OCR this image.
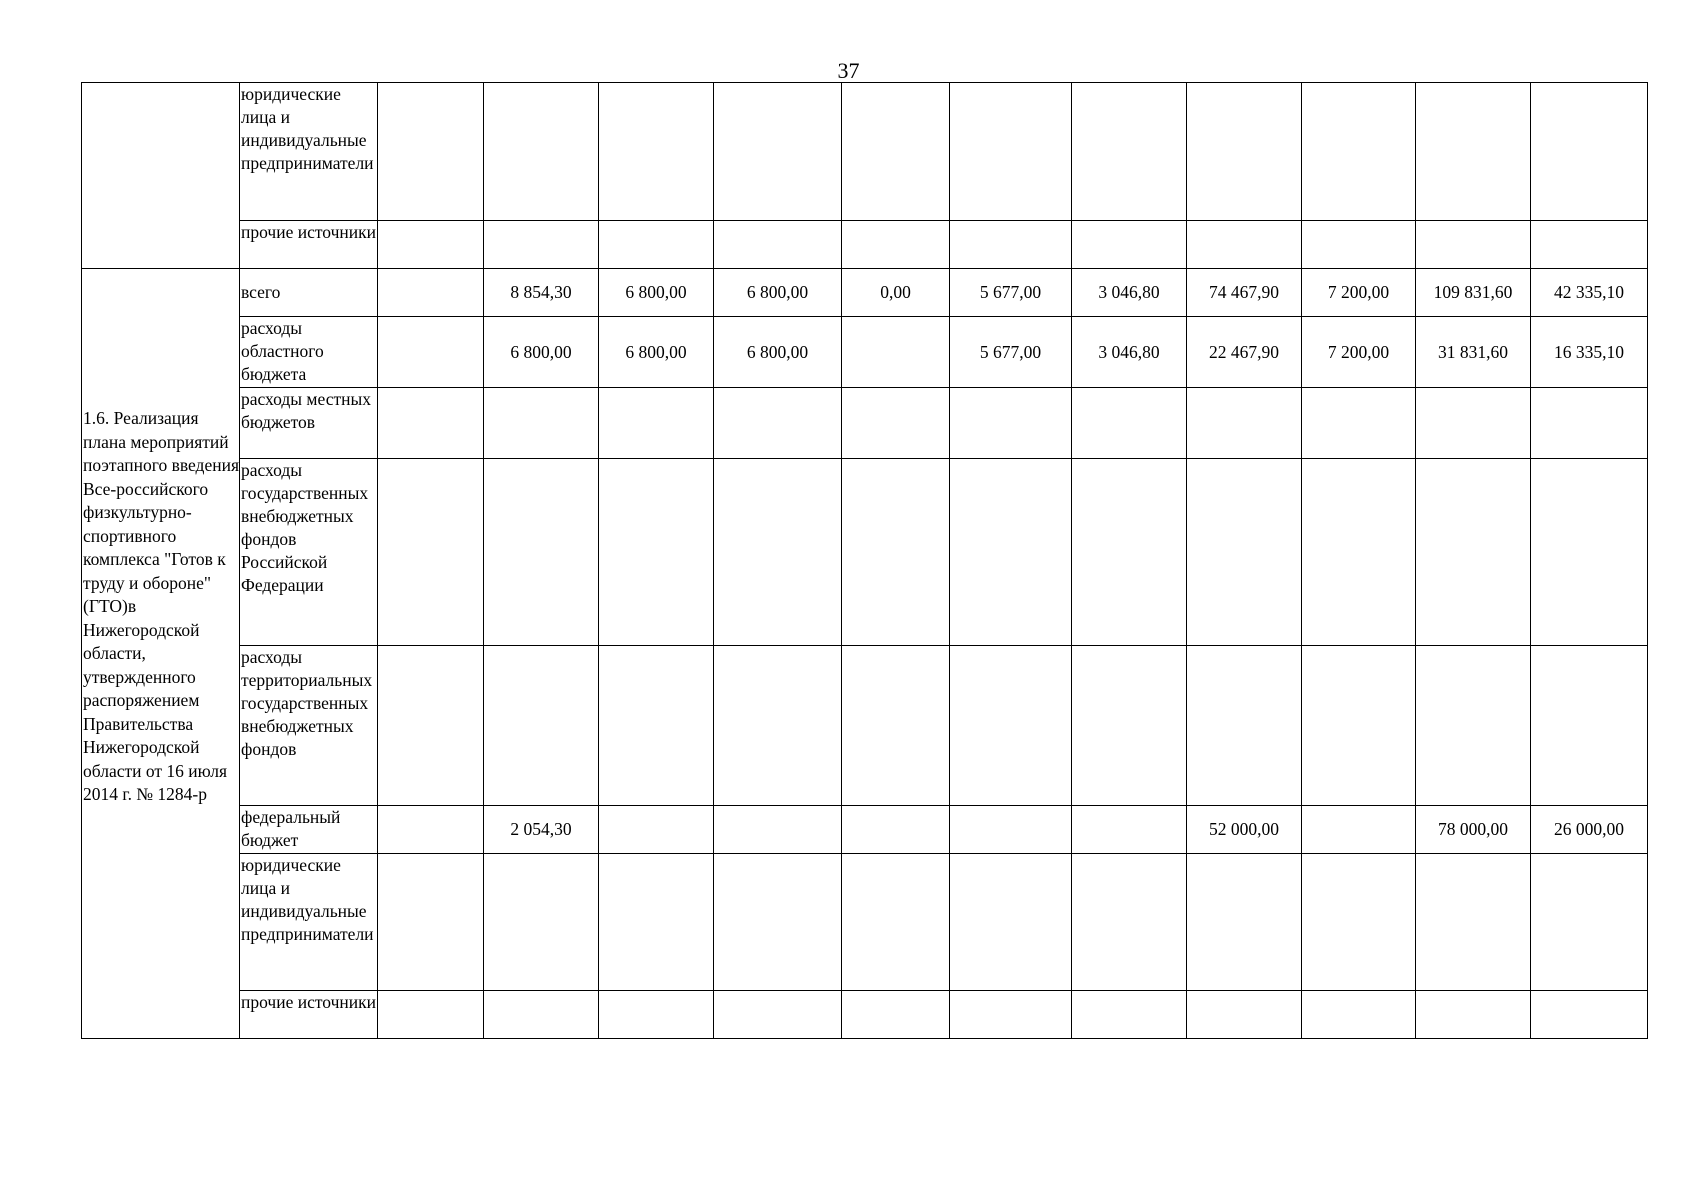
37
	юридические лица и индивидуальные предприниматели											
	прочие источники											
1.6. Реализация плана мероприятий поэтапного введения Все-российского физкультурно-спортивного комплекса "Готов к труду и обороне" (ГТО)в Нижегородской области, утвержденного распоряжением Правительства Нижегородской области от 16 июля 2014 г. № 1284-р	всего		8 854,30	6 800,00	6 800,00	0,00	5 677,00	3 046,80	74 467,90	7 200,00	109 831,60	42 335,10
	расходы областного бюджета		6 800,00	6 800,00	6 800,00		5 677,00	3 046,80	22 467,90	7 200,00	31 831,60	16 335,10
	расходы местных бюджетов											
	расходы государственных внебюджетных фондов Российской Федерации											
	расходы территориальных государственных внебюджетных фондов											
	федеральный бюджет		2 054,30						52 000,00		78 000,00	26 000,00
	юридические лица и индивидуальные предприниматели											
	прочие источники											
